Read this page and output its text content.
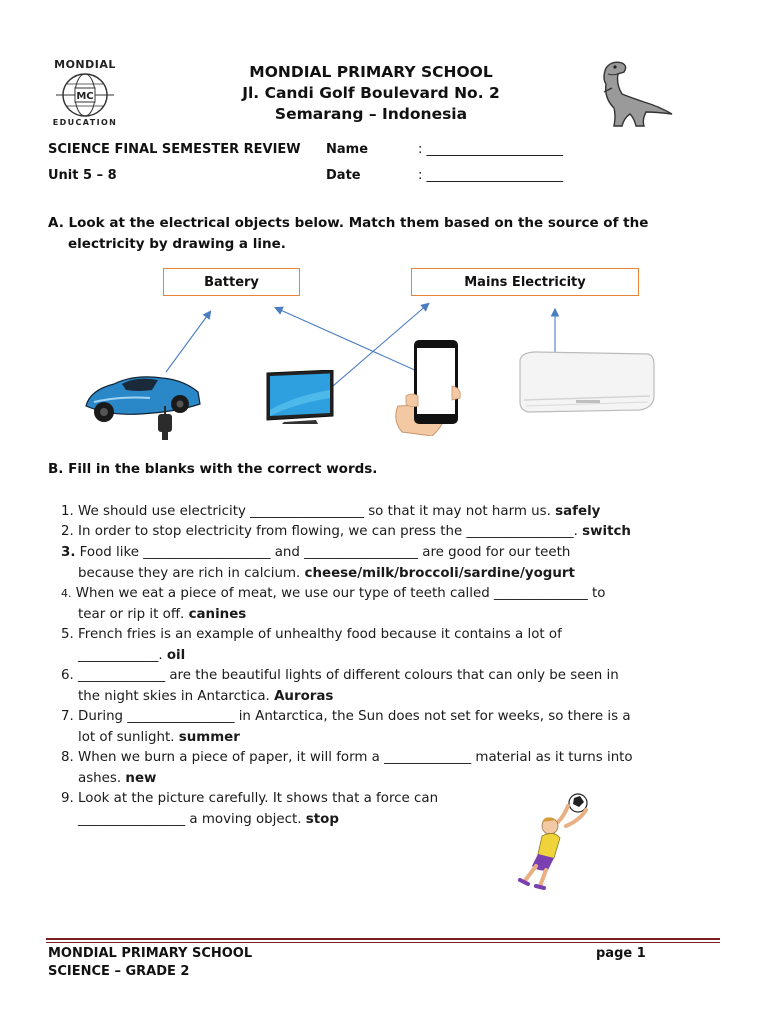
MONDIAL
MC
EDUCATION
MONDIAL PRIMARY SCHOOL
Jl. Candi Golf Boulevard No. 2
Semarang – Indonesia
SCIENCE FINAL SEMESTER REVIEW Name	: _____________________
Unit 5 – 8	Date	: _____________________
A. Look at the electrical objects below. Match them based on the source of the
electricity by drawing a line.
Battery	Mains Electricity
B. Fill in the blanks with the correct words.
1. We should use electricity _________________ so that it may not harm us. safely
2. In order to stop electricity from flowing, we can press the ________________. switch
3. Food like ___________________ and _________________ are good for our teeth
because they are rich in calcium. cheese/milk/broccoli/sardine/yogurt
4. When we eat a piece of meat, we use our type of teeth called ______________ to
tear or rip it off. canines
5. French fries is an example of unhealthy food because it contains a lot of
____________. oil
6. _____________ are the beautiful lights of different colours that can only be seen in
the night skies in Antarctica. Auroras
7. During ________________ in Antarctica, the Sun does not set for weeks, so there is a
lot of sunlight. summer
8. When we burn a piece of paper, it will form a _____________ material as it turns into
ashes. new
9. Look at the picture carefully. It shows that a force can
________________ a moving object. stop
MONDIAL PRIMARY SCHOOL
SCIENCE – GRADE 2
page 1
